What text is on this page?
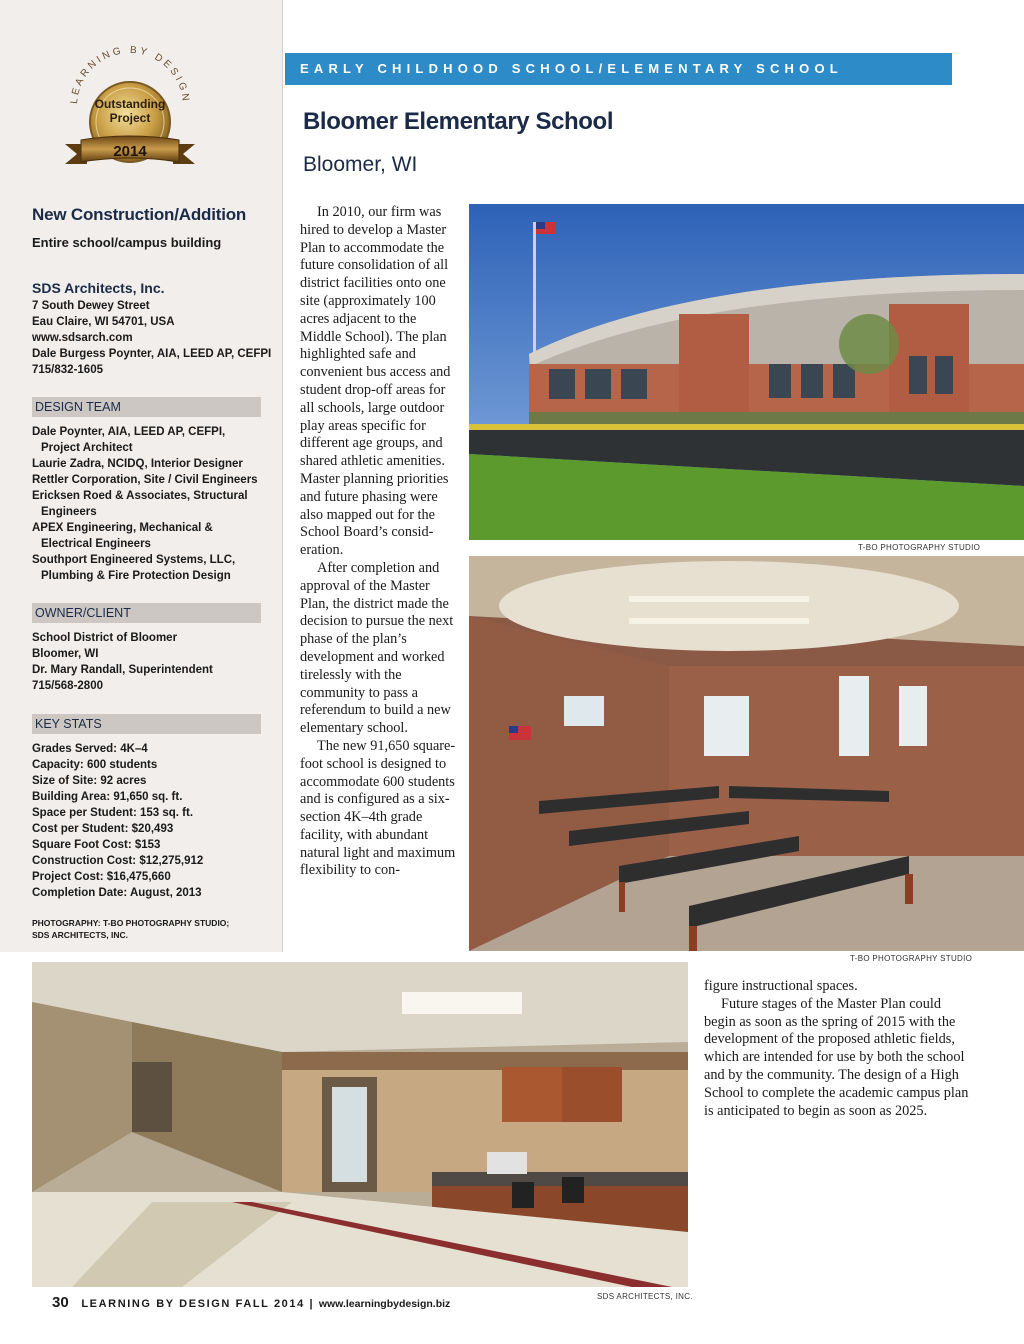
LEARNING BY DESIGN
Outstanding
Project
2014
New Construction/Addition
Entire school/campus building
SDS Architects, Inc.
7 South Dewey Street
Eau Claire, WI 54701, USA
www.sdsarch.com
Dale Burgess Poynter, AIA, LEED AP, CEFPI
715/832-1605
DESIGN TEAM
Dale Poynter, AIA, LEED AP, CEFPI,
Project Architect
Laurie Zadra, NCIDQ, Interior Designer
Rettler Corporation, Site / Civil Engineers
Ericksen Roed & Associates, Structural
Engineers
APEX Engineering, Mechanical &
Electrical Engineers
Southport Engineered Systems, LLC,
Plumbing & Fire Protection Design
OWNER/CLIENT
School District of Bloomer
Bloomer, WI
Dr. Mary Randall, Superintendent
715/568-2800
KEY STATS
Grades Served: 4K–4
Capacity: 600 students
Size of Site: 92 acres
Building Area: 91,650 sq. ft.
Space per Student: 153 sq. ft.
Cost per Student: $20,493
Square Foot Cost: $153
Construction Cost: $12,275,912
Project Cost: $16,475,660
Completion Date: August, 2013
PHOTOGRAPHY: T-BO PHOTOGRAPHY STUDIO;
SDS ARCHITECTS, INC.
EARLY CHILDHOOD SCHOOL/ELEMENTARY SCHOOL
Bloomer Elementary School
Bloomer, WI

In 2010, our firm was hired to develop a Master Plan to accommodate the future consolidation of all district facilities onto one site (approximately 100 acres adjacent to the Middle School). The plan highlighted safe and convenient bus access and student drop-off areas for all schools, large outdoor play areas specific for different age groups, and shared athletic amenities. Master planning priorities and future phasing were also mapped out for the School Board’s consideration.

After completion and approval of the Master Plan, the district made the decision to pursue the next phase of the plan’s development and worked tirelessly with the community to pass a referendum to build a new elementary school.

The new 91,650 square-foot school is designed to accommodate 600 students and is configured as a six-section 4K–4th grade facility, with abundant natural light and maximum flexibility to con-

figure instructional spaces.

Future stages of the Master Plan could begin as soon as the spring of 2015 with the development of the proposed athletic fields, which are intended for use by both the school and by the community. The design of a High School to complete the academic campus plan is anticipated to begin as soon as 2025.

T-BO PHOTOGRAPHY STUDIO
T-BO PHOTOGRAPHY STUDIO
SDS ARCHITECTS, INC.
30 LEARNING BY DESIGN FALL 2014 | www.learningbydesign.biz
